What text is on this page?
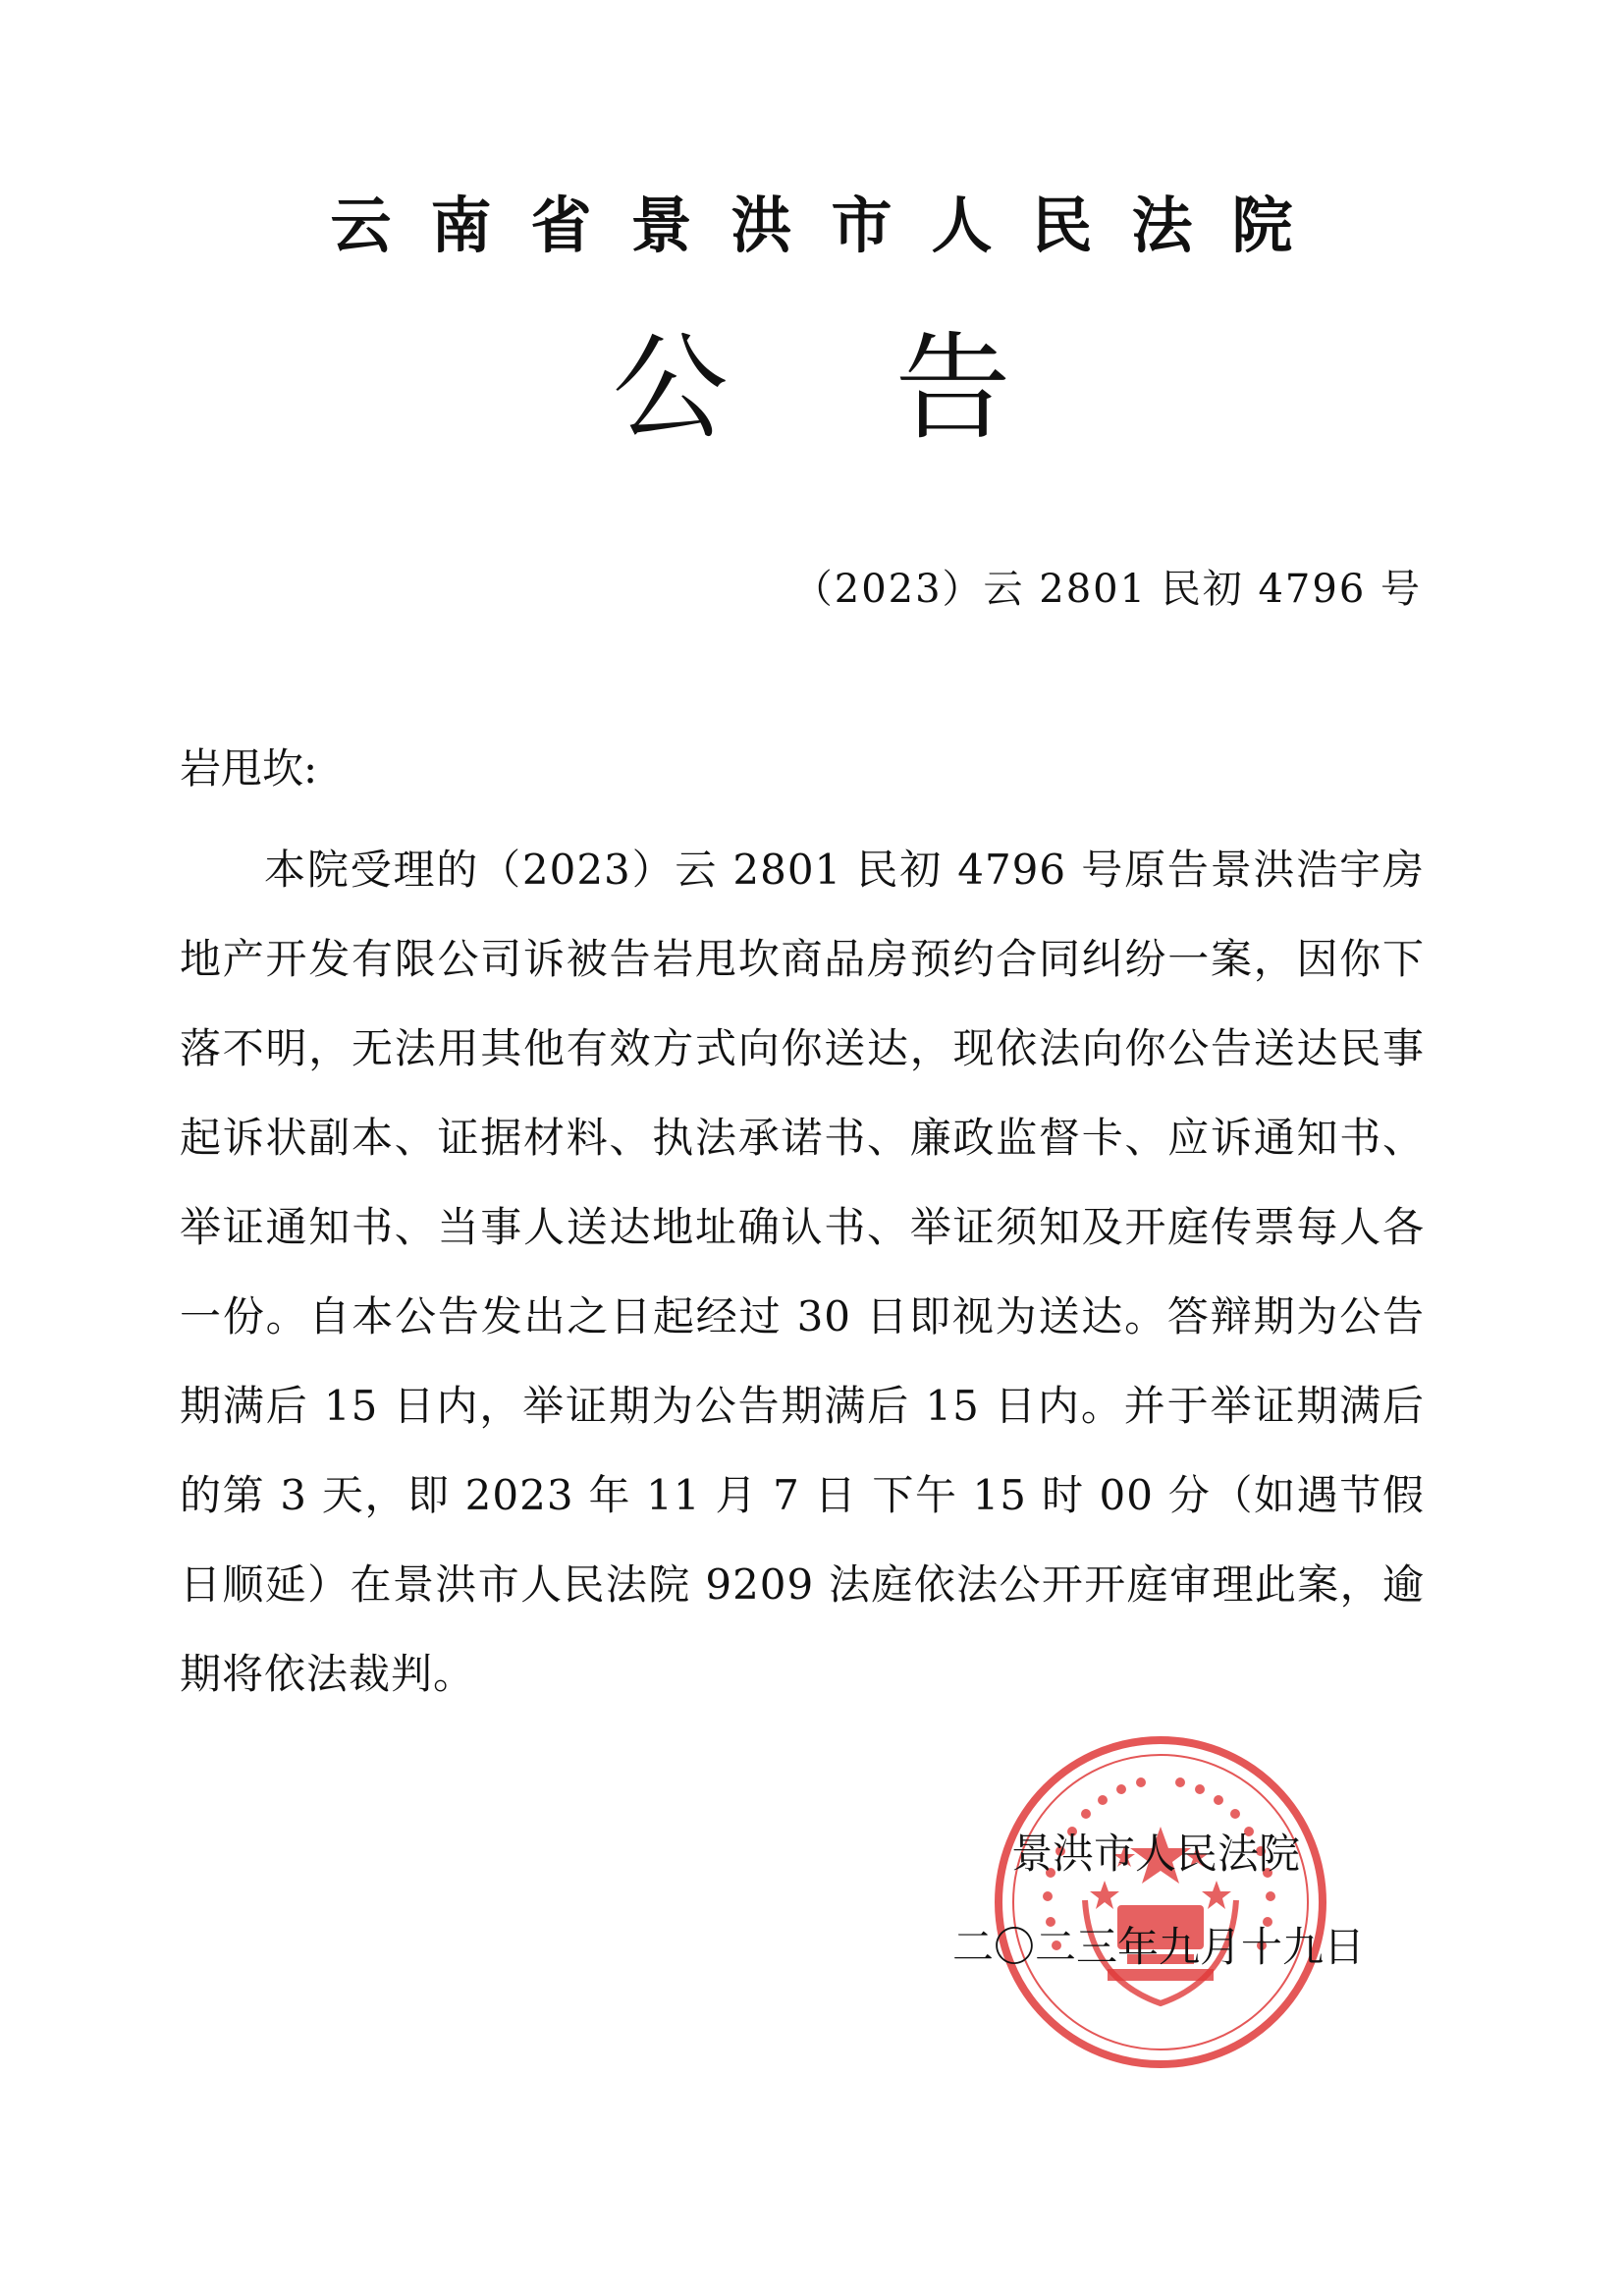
云南省景洪市人民法院
公告

（2023）云 2801 民初 4796 号

岩甩坎:

本院受理的（2023）云 2801 民初 4796 号原告景洪浩宇房地产开发有限公司诉被告岩甩坎商品房预约合同纠纷一案，因你下落不明，无法用其他有效方式向你送达，现依法向你公告送达民事起诉状副本、证据材料、执法承诺书、廉政监督卡、应诉通知书、举证通知书、当事人送达地址确认书、举证须知及开庭传票每人各一份。自本公告发出之日起经过 30 日即视为送达。答辩期为公告期满后 15 日内，举证期为公告期满后 15 日内。并于举证期满后的第 3 天，即 2023 年 11 月 7 日 下午 15 时 00 分（如遇节假日顺延）在景洪市人民法院 9209 法庭依法公开开庭审理此案，逾期将依法裁判。

景洪市人民法院

二〇二三年九月十九日
